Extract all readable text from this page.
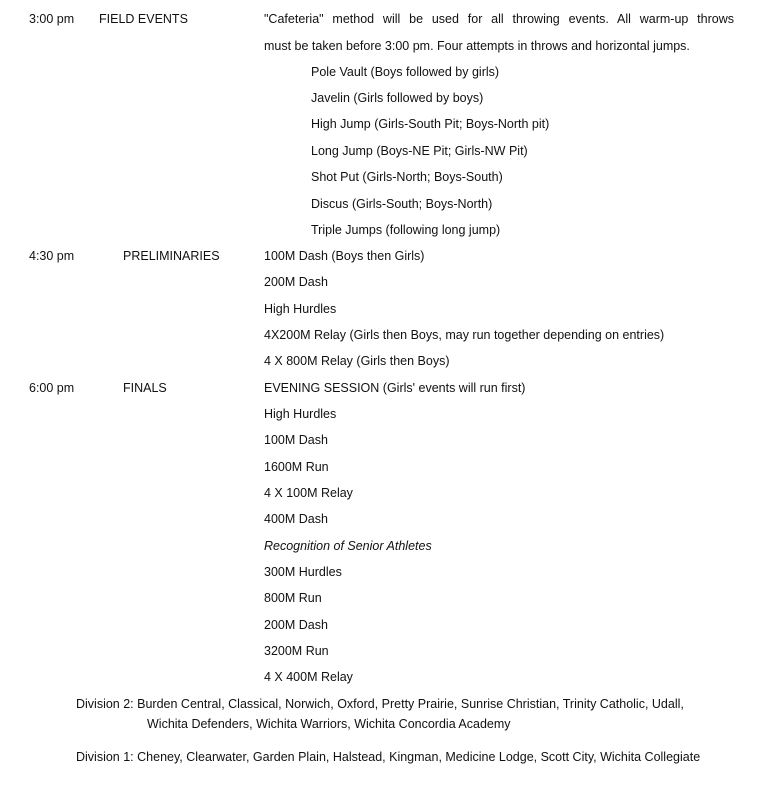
3:00 pm FIELD EVENTS	"Cafeteria" method will be used for all throwing events. All warm-up throws
must be taken before 3:00 pm. Four attempts in throws and horizontal jumps.
Pole Vault (Boys followed by girls)
Javelin (Girls followed by boys)
High Jump (Girls-South Pit; Boys-North pit)
Long Jump (Boys-NE Pit; Girls-NW Pit)
Shot Put (Girls-North; Boys-South)
Discus (Girls-South; Boys-North)
Triple Jumps (following long jump)
4:30 pm	PRELIMINARIES	100M Dash (Boys then Girls)
200M Dash
High Hurdles
4X200M Relay (Girls then Boys, may run together depending on entries)
4 X 800M Relay (Girls then Boys)
6:00 pm	FINALS	EVENING SESSION (Girls' events will run first)
High Hurdles
100M Dash
1600M Run
4 X 100M Relay
400M Dash
Recognition of Senior Athletes
300M Hurdles
800M Run
200M Dash
3200M Run
4 X 400M Relay
Division 2: Burden Central, Classical, Norwich, Oxford, Pretty Prairie, Sunrise Christian, Trinity Catholic, Udall,
Wichita Defenders, Wichita Warriors, Wichita Concordia Academy
Division 1: Cheney, Clearwater, Garden Plain, Halstead, Kingman, Medicine Lodge, Scott City, Wichita Collegiate
